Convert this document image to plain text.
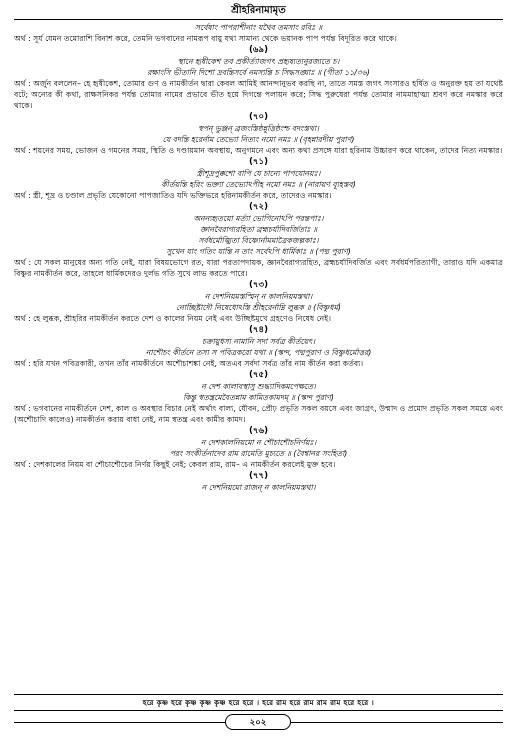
শ্রীহরিনামামৃত
সর্বেষাং পাপরাশীনাং যথৈব তমসাং রবিঃ ॥
অর্থ : সূর্য যেমন তমোরাশি বিনাশ করে, তেমনি ভগবানের নামরূপ বায়ু যথা সামান্য থেকে ভয়ানক পাপ পর্যন্ত বিদূরিত করে থাকে।
(৬৯)
স্থানে হৃষীকেশ তব প্রকীর্ত্যাজগৎ প্রহৃষ্যত্যনুরজ্যতে চ।
রক্ষাংসি ভীতানি দিশো দ্রবন্তিসর্বে নমস্যন্তি চ সিদ্ধসঙ্ঘাঃ ॥ (গীতা ১১/৩৬)
অর্থ : অর্জুন বললেন– হে হৃষীকেশ, তোমার গুণ ও নামকীর্তন দ্বারা কেবল আমিই আনন্দানুভব করছি না, তাতে সমস্ত জগৎ সংসারও হর্ষিত ও অনুরক্ত হয় তা যথেষ্ট বটে; অন্যের কী কথা, রাক্ষসনিকর পর্যন্ত তোমার নামের প্রভাবে ভীত হয়ে দিগন্তে পলায়ন করে; সিদ্ধ পুরুষেরা পর্যন্ত তোমার নামমাহাত্ম্য শ্রবণ করে নমস্কার করে থাকে।
(৭০)
স্বপন্ ভুঞ্জন্ ব্রজংস্তিষ্ঠন্নুত্তিষ্ঠংশ্চ বদংস্তথা।
যে বদন্তি হরের্নাম তেভ্যো নিত্যং নমো নমঃ ॥ (বৃহন্নারদীয় পুরাণ)
অর্থ : শয়নের সময়, ভোজন ও গমনের সময়, স্থিতি ও দণ্ডায়মান অবস্থায়, অনুগমনে এবং অন্য কথা প্রসঙ্গে যারা হরিনাম উচ্চারণ করে থাকেন, তাদের নিত্য নমস্কার।
(৭১)
স্ত্রীশূদ্রপুক্কশো বাপি যে চান্যে পাপযোনয়ঃ।
কীর্তয়ন্তি হরিং ভক্ত্যা তেভ্যোঽপীহ নমো নমঃ ॥ (নারায়ণ ব্যূহস্তব)
অর্থ : স্ত্রী, শূদ্র ও চণ্ডাল প্রভৃতি যেকোনো পাপজাতিও যদি ভক্তিভরে হরিনামকীর্তন করে, তাদেরও নমস্কার।
(৭২)
অনন্যহৃতয়ো মর্ত্যা ভোগিনোঽপি পরন্তপাঃ।
জ্ঞানবৈরাগ্যরহিতা ব্রহ্মচর্যাদিবর্জিতাঃ ॥
সর্বধর্মোজ্ঝিতা বিষ্ণোর্নামমাত্রৈকজল্পকাঃ।
সুখেন যাং গতিং যান্তি ন তাং সর্বেঽপি ধার্মিকাঃ ॥ (পদ্ম পুরাণ)
অর্থ : যে সকল মানুষের অন্য গতি নেই, যারা বিষয়ভোগে রত, যারা পরতাপদায়ক, জ্ঞানবৈরাগ্যরহিত, ব্রহ্মচর্যাদিবর্জিত এবং সর্বধর্মপরিত্যাগী, তারাও যদি একমাত্র বিষ্ণুর নামকীর্তন করে, তাহলে ধার্মিকদেরও দুর্লভ গতি সুখে লাভ করতে পারে।
(৭৩)
ন দেশনিয়মস্তস্মিন্ ন কালনিয়মস্তথা।
নোচ্ছিষ্টাদৌ নিষেধোঽস্তি শ্রীহরের্নাম্নি লুব্ধক ॥ (বিষ্ণুধর্ম)
অর্থ : হে লুব্ধক, শ্রীহরির নামকীর্তন করতে দেশ ও কালের নিয়ম নেই এবং উচ্ছিষ্টমুখে গ্রহণেও নিষেধ নেই।
(৭৪)
চক্রায়ুধস্য নামানি সদা সর্বত্র কীর্তয়েৎ।
নাশৌচং কীর্তনে তস্য স পবিত্রকরো যথা ॥ (স্কন্দ, পদ্মপুরাণ ও বিষ্ণুধর্মোত্তর)
অর্থ : হরি যখন পবিত্রকারী, তখন তাঁর নামকীর্তনে অশৌচাশঙ্কা নেই, অতএব সর্বদা সর্বত্র তাঁর নাম কীর্তন করা কর্তব্য।
(৭৫)
ন দেশ কালাবস্থাসু শুদ্ধ্যাদিকমপেক্ষতে।
কিন্তু স্বতন্ত্রমেবৈতন্নাম কামিতকামদম্ ॥ (স্কন্দ পুরাণ)
অর্থ : ভগবানের নামকীর্তনে দেশ, কাল ও অবস্থার বিচার নেই অর্থাৎ বাল্য, যৌবন, প্রৌঢ় প্রভৃতি সকল বয়সে এবং জাগ্রৎ, উন্মাদ ও প্রমোদ প্রভৃতি সকল সময়ে এবং (অশৌচাদি কালেও) নামকীর্তন করায় বাধা নেই, নাম স্বতন্ত্র এবং কামীর কামদ।
(৭৬)
ন দেশকালনিয়মো ন শৌচাশৌচনির্ণয়ঃ।
পরং সংকীর্তনাদেব রাম রামেতি মুচ্যতে ॥ (বৈশ্বানর সংহিতা)
অর্থ : দেশকালের নিয়ম বা শৌচাশৌচের নির্ণয় কিছুই নেই; কেবল রাম, রাম– এ নামকীর্তন করলেই মুক্ত হবে।
(৭৭)
ন দেশনিয়মো রাজন্ ন কালনিয়মস্তথা।
হরে কৃষ্ণ হরে কৃষ্ণ কৃষ্ণ কৃষ্ণ হরে হরে । হরে রাম হরে রাম রাম রাম হরে হরে ।
২০২
